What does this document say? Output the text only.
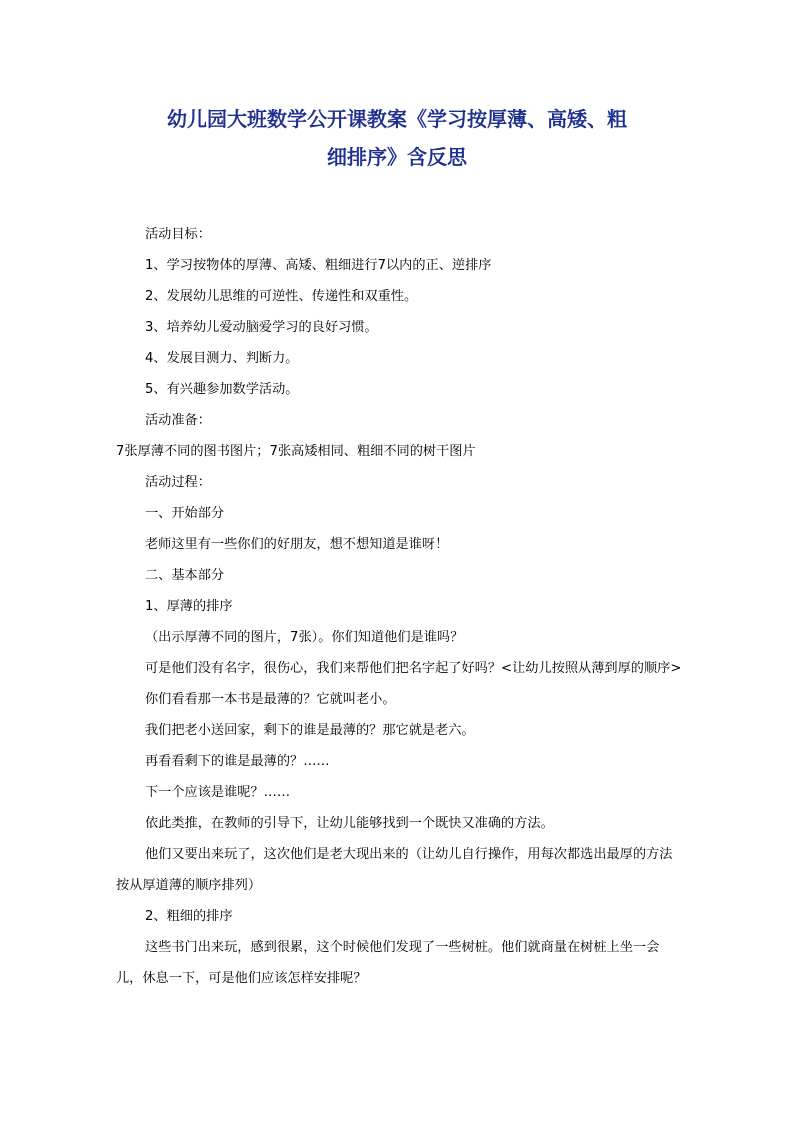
幼儿园大班数学公开课教案《学习按厚薄、高矮、粗
细排序》含反思

活动目标：

1、学习按物体的厚薄、高矮、粗细进行7以内的正、逆排序

2、发展幼儿思维的可逆性、传递性和双重性。

3、培养幼儿爱动脑爱学习的良好习惯。

4、发展目测力、判断力。

5、有兴趣参加数学活动。

活动准备：

7张厚薄不同的图书图片；7张高矮相同、粗细不同的树干图片

活动过程：

一、开始部分

老师这里有一些你们的好朋友，想不想知道是谁呀！

二、基本部分

1、厚薄的排序

（出示厚薄不同的图片，7张）。你们知道他们是谁吗？

可是他们没有名字，很伤心，我们来帮他们把名字起了好吗？<让幼儿按照从薄到厚的顺序>

你们看看那一本书是最薄的？它就叫老小。

我们把老小送回家，剩下的谁是最薄的？那它就是老六。

再看看剩下的谁是最薄的？……

下一个应该是谁呢？……

依此类推，在教师的引导下，让幼儿能够找到一个既快又准确的方法。

他们又要出来玩了，这次他们是老大现出来的（让幼儿自行操作，用每次都选出最厚的方法按从厚道薄的顺序排列）

2、粗细的排序

这些书门出来玩，感到很累，这个时候他们发现了一些树桩。他们就商量在树桩上坐一会儿，休息一下，可是他们应该怎样安排呢？
